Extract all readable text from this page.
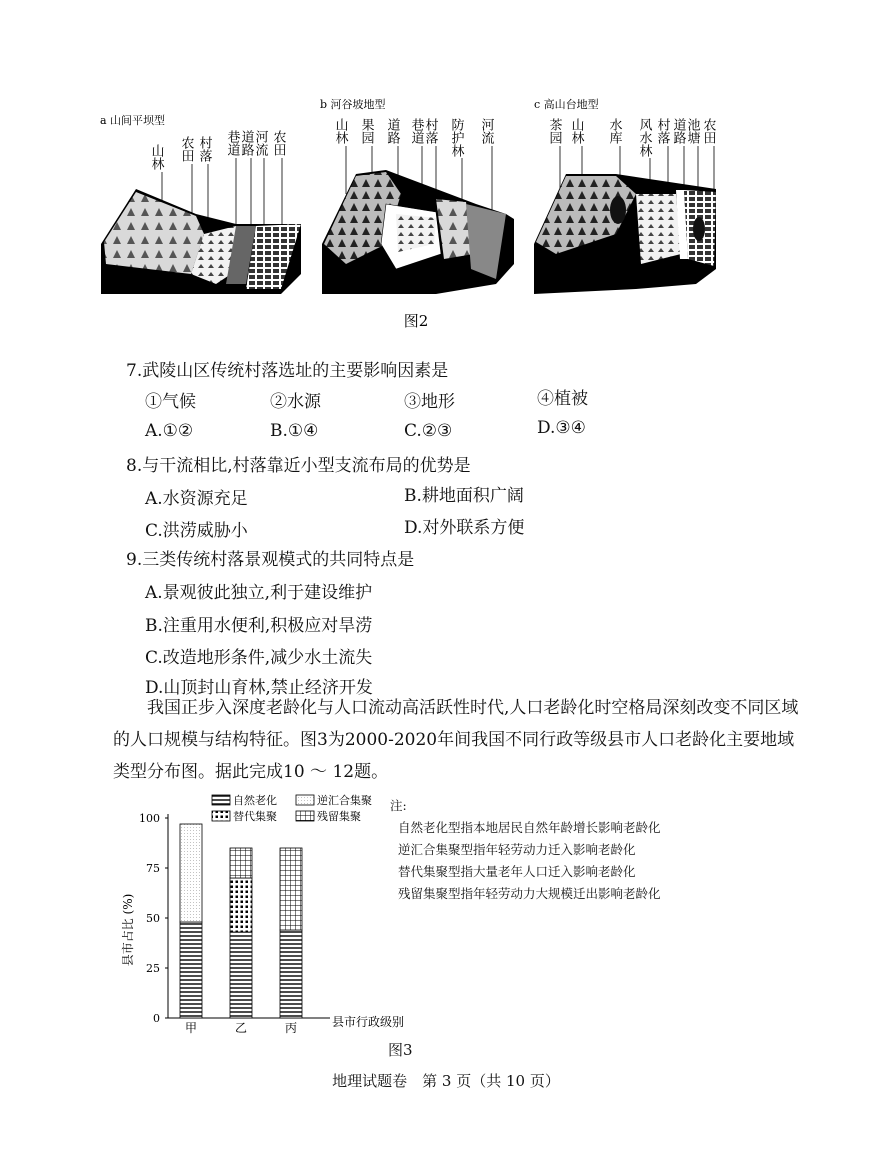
a 山间平坝型
山林 农田 村落 巷道 道路 河流 农田
b 河谷坡地型
山林 果园 道路 巷道 村落 防护林 河流
c 高山台地型
茶园 山林 水库 风水林 村落 道路 池塘 农田
图2
7.武陵山区传统村落选址的主要影响因素是
①气候	②水源	③地形	④植被
A.①②	B.①④	C.②③	D.③④
8.与干流相比,村落靠近小型支流布局的优势是
A.水资源充足	B.耕地面积广阔
C.洪涝威胁小	D.对外联系方便
9.三类传统村落景观模式的共同特点是
A.景观彼此独立,利于建设维护
B.注重用水便利,积极应对旱涝
C.改造地形条件,减少水土流失
D.山顶封山育林,禁止经济开发

我国正步入深度老龄化与人口流动高活跃性时代,人口老龄化时空格局深刻改变不同区域的人口规模与结构特征。图3为2000-2020年间我国不同行政等级县市人口老龄化主要地域类型分布图。据此完成10 ～ 12题。

0
25
50
75
100
甲	乙	丙
自然老化	逆汇合集聚
替代集聚	残留集聚
县市占比 (%)
县市行政级别
注:
自然老化型指本地居民自然年龄增长影响老龄化
逆汇合集聚型指年轻劳动力迁入影响老龄化
替代集聚型指大量老年人口迁入影响老龄化
残留集聚型指年轻劳动力大规模迁出影响老龄化
图3
地理试题卷　第 3 页（共 10 页）
